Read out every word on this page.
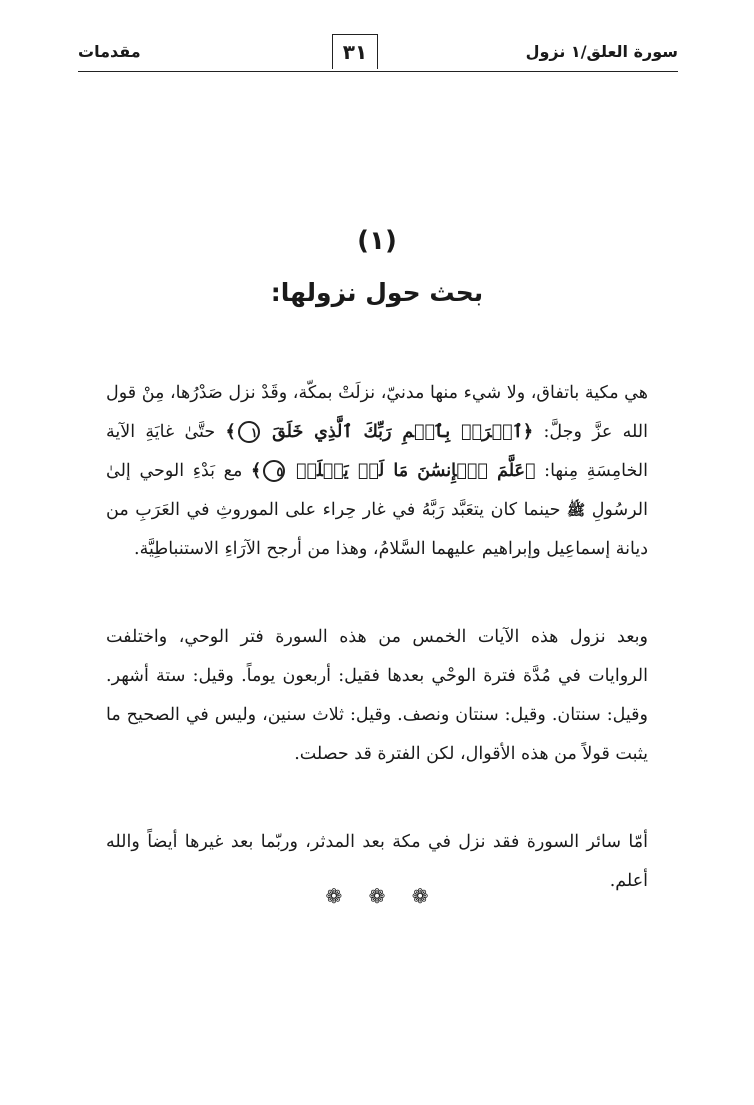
سورة العلق/١ نزول
٣١
مقدمات
(١)
بحث حول نزولها:

هي مكية باتفاق، ولا شيء منها مدنيّ، نزلَتْ بمكّة، وقَدْ نزل صَدْرُها، مِنْ قول الله عزَّ وجلَّ: ﴿ٱقۡرَأۡ بِٱسۡمِ رَبِّكَ ٱلَّذِي خَلَقَ ١﴾ حتَّىٰ غايَةِ الآية الخامِسَةِ مِنها: ﴿عَلَّمَ ٱلۡإِنسَٰنَ مَا لَمۡ يَعۡلَمۡ ٥﴾ مع بَدْءِ الوحي إلىٰ الرسُولِ ﷺ حينما كان يتعَبَّد رَبَّهُ في غار حِراء على الموروثِ في العَرَبِ من ديانة إسماعِيل وإبراهيم عليهما السَّلامُ، وهذا من أرجح الآرَاءِ الاستنباطِيَّة.

وبعد نزول هذه الآيات الخمس من هذه السورة فتر الوحي، واختلفت الروايات في مُدَّة فترة الوحْي بعدها فقيل: أربعون يوماً. وقيل: ستة أشهر. وقيل: سنتان. وقيل: سنتان ونصف. وقيل: ثلاث سنين، وليس في الصحيح ما يثبت قولاً من هذه الأقوال، لكن الفترة قد حصلت.

أمّا سائر السورة فقد نزل في مكة بعد المدثر، وربّما بعد غيرها أيضاً والله أعلم.

❁ ❁ ❁
